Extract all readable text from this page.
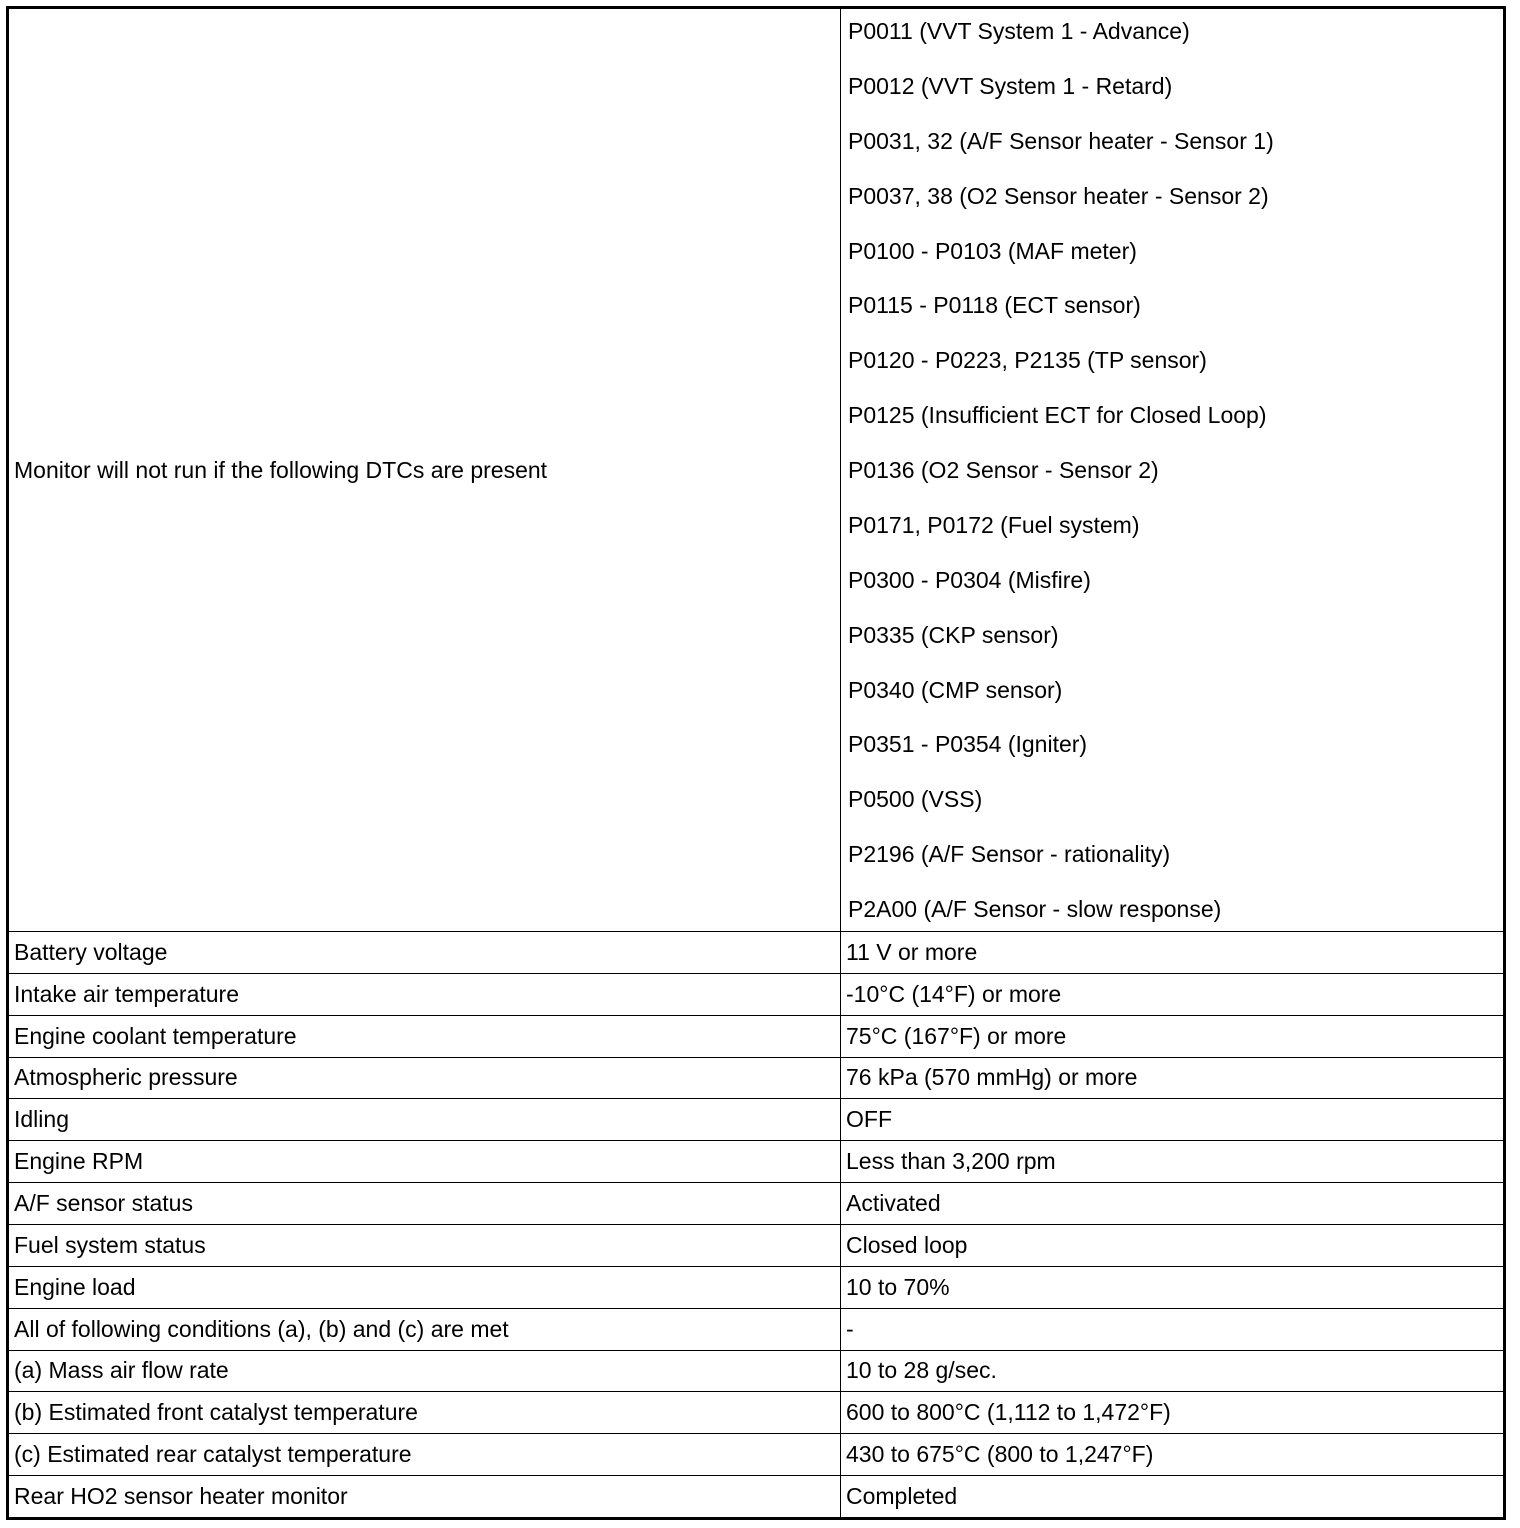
Monitor will not run if the following DTCs are present
P0011 (VVT System 1 - Advance)
P0012 (VVT System 1 - Retard)
P0031, 32 (A/F Sensor heater - Sensor 1)
P0037, 38 (O2 Sensor heater - Sensor 2)
P0100 - P0103 (MAF meter)
P0115 - P0118 (ECT sensor)
P0120 - P0223, P2135 (TP sensor)
P0125 (Insufficient ECT for Closed Loop)
P0136 (O2 Sensor - Sensor 2)
P0171, P0172 (Fuel system)
P0300 - P0304 (Misfire)
P0335 (CKP sensor)
P0340 (CMP sensor)
P0351 - P0354 (Igniter)
P0500 (VSS)
P2196 (A/F Sensor - rationality)
P2A00 (A/F Sensor - slow response)
Battery voltage	11 V or more
Intake air temperature	-10°C (14°F) or more
Engine coolant temperature	75°C (167°F) or more
Atmospheric pressure	76 kPa (570 mmHg) or more
Idling	OFF
Engine RPM	Less than 3,200 rpm
A/F sensor status	Activated
Fuel system status	Closed loop
Engine load	10 to 70%
All of following conditions (a), (b) and (c) are met	-
(a) Mass air flow rate	10 to 28 g/sec.
(b) Estimated front catalyst temperature	600 to 800°C (1,112 to 1,472°F)
(c) Estimated rear catalyst temperature	430 to 675°C (800 to 1,247°F)
Rear HO2 sensor heater monitor	Completed
